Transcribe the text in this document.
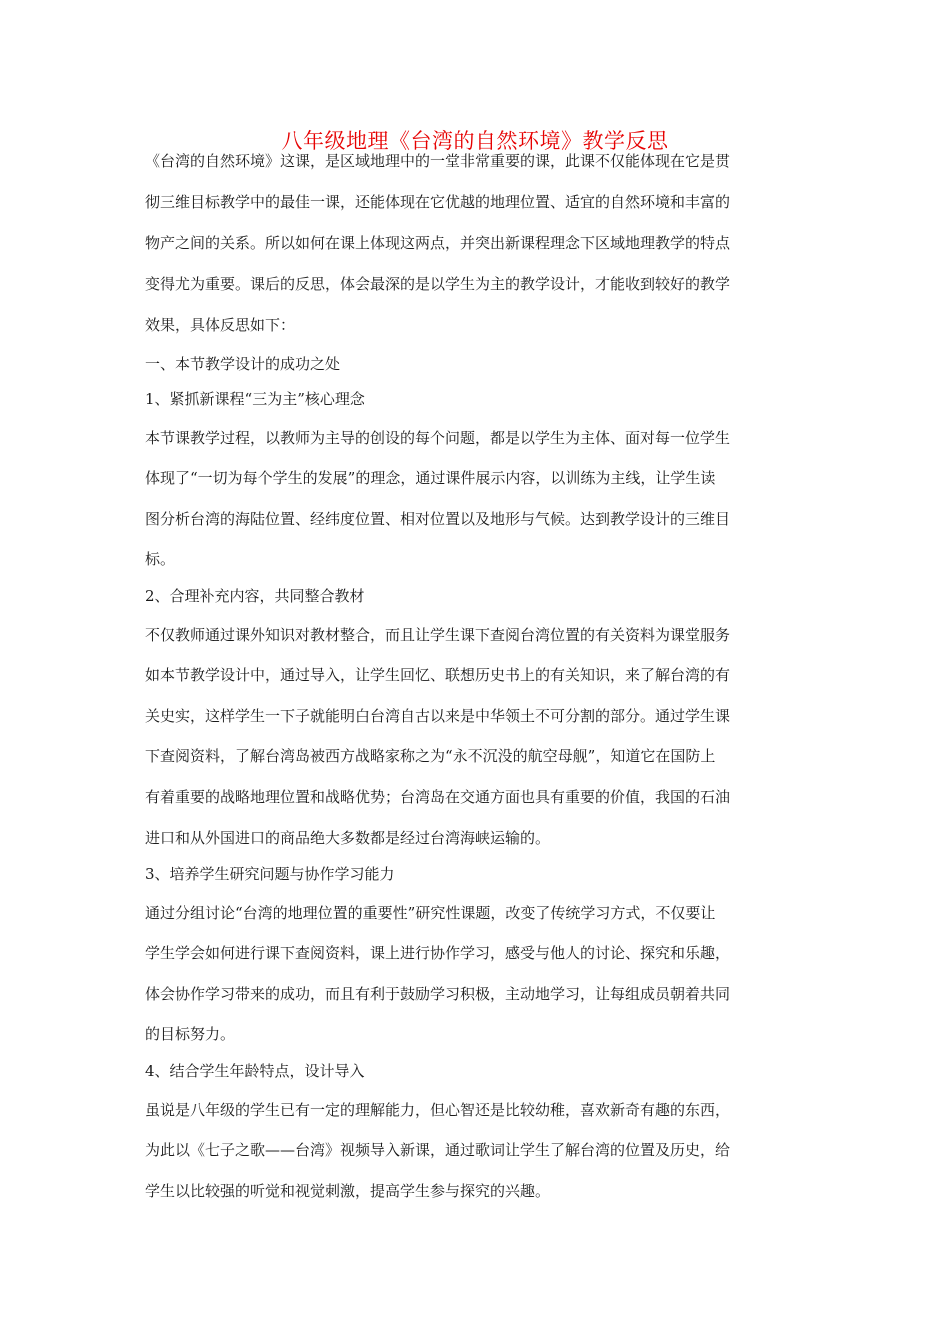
八年级地理《台湾的自然环境》教学反思

《台湾的自然环境》这课，是区域地理中的一堂非常重要的课，此课不仅能体现在它是贯

彻三维目标教学中的最佳一课，还能体现在它优越的地理位置、适宜的自然环境和丰富的

物产之间的关系。所以如何在课上体现这两点，并突出新课程理念下区域地理教学的特点

变得尤为重要。课后的反思，体会最深的是以学生为主的教学设计，才能收到较好的教学

效果，具体反思如下：

一、本节教学设计的成功之处

1、紧抓新课程“三为主”核心理念

本节课教学过程，以教师为主导的创设的每个问题，都是以学生为主体、面对每一位学生

体现了“一切为每个学生的发展”的理念，通过课件展示内容，以训练为主线，让学生读

图分析台湾的海陆位置、经纬度位置、相对位置以及地形与气候。达到教学设计的三维目

标。

2、合理补充内容，共同整合教材

不仅教师通过课外知识对教材整合，而且让学生课下查阅台湾位置的有关资料为课堂服务

如本节教学设计中，通过导入，让学生回忆、联想历史书上的有关知识，来了解台湾的有

关史实，这样学生一下子就能明白台湾自古以来是中华领土不可分割的部分。通过学生课

下查阅资料，了解台湾岛被西方战略家称之为“永不沉没的航空母舰”，知道它在国防上

有着重要的战略地理位置和战略优势；台湾岛在交通方面也具有重要的价值，我国的石油

进口和从外国进口的商品绝大多数都是经过台湾海峡运输的。

3、培养学生研究问题与协作学习能力

通过分组讨论“台湾的地理位置的重要性”研究性课题，改变了传统学习方式，不仅要让

学生学会如何进行课下查阅资料，课上进行协作学习，感受与他人的讨论、探究和乐趣，

体会协作学习带来的成功，而且有利于鼓励学习积极，主动地学习，让每组成员朝着共同

的目标努力。

4、结合学生年龄特点，设计导入

虽说是八年级的学生已有一定的理解能力，但心智还是比较幼稚，喜欢新奇有趣的东西，

为此以《七子之歌——台湾》视频导入新课，通过歌词让学生了解台湾的位置及历史，给

学生以比较强的听觉和视觉刺激，提高学生参与探究的兴趣。
